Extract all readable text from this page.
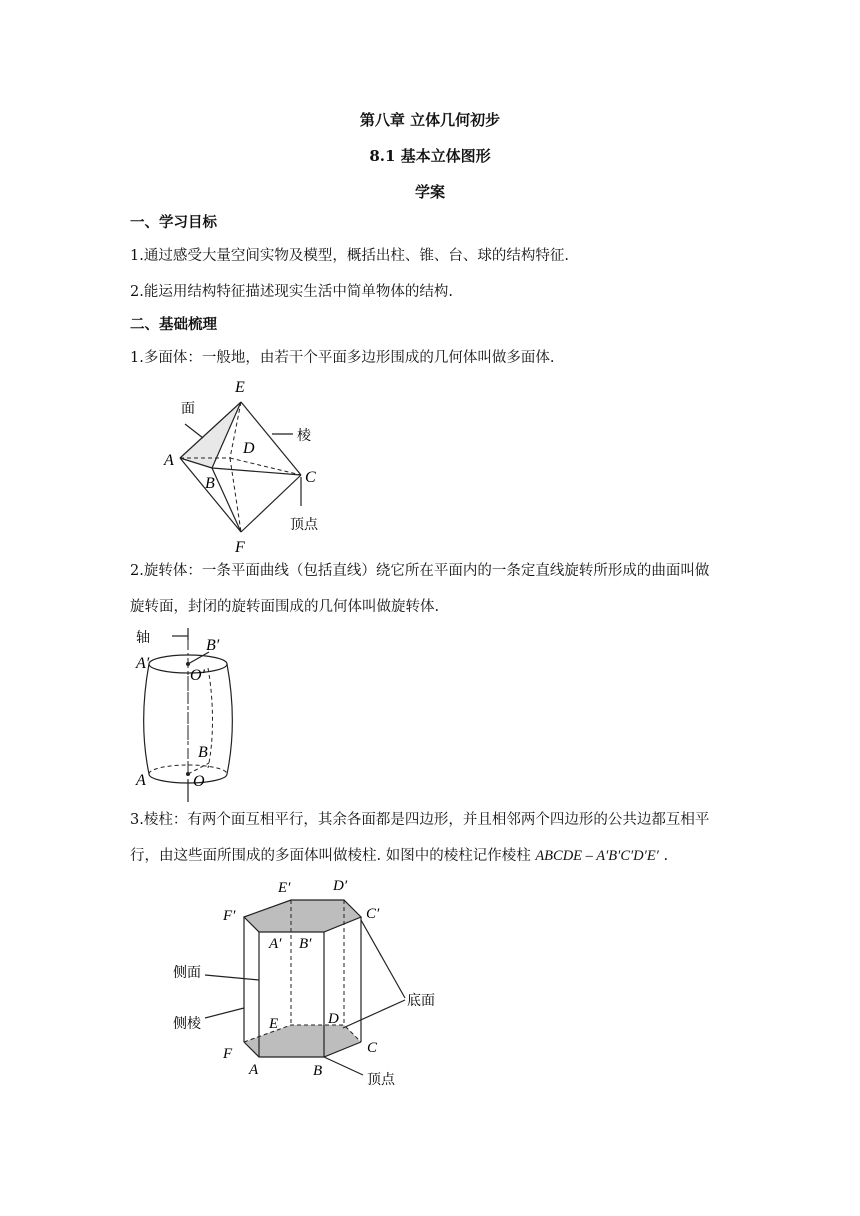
第八章 立体几何初步
8.1 基本立体图形
学案
一、学习目标
1.通过感受大量空间实物及模型，概括出柱、锥、台、球的结构特征.
2.能运用结构特征描述现实生活中简单物体的结构.
二、基础梳理
1.多面体：一般地，由若干个平面多边形围成的几何体叫做多面体.
E
面
棱
A
D
B	C
顶点
F
2.旋转体：一条平面曲线（包括直线）绕它所在平面内的一条定直线旋转所形成的曲面叫做
旋转面，封闭的旋转面围成的几何体叫做旋转体.
轴	B′
A′
O′
B
A	O
3.棱柱：有两个面互相平行，其余各面都是四边形，并且相邻两个四边形的公共边都互相平
行，由这些面所围成的多面体叫做棱柱. 如图中的棱柱记作棱柱 ABCDE – A′B′C′D′E′ .
E′	D′
F′	C′
A′ B′
侧面
侧棱
底面
E	D
F	C
A	B
顶点
